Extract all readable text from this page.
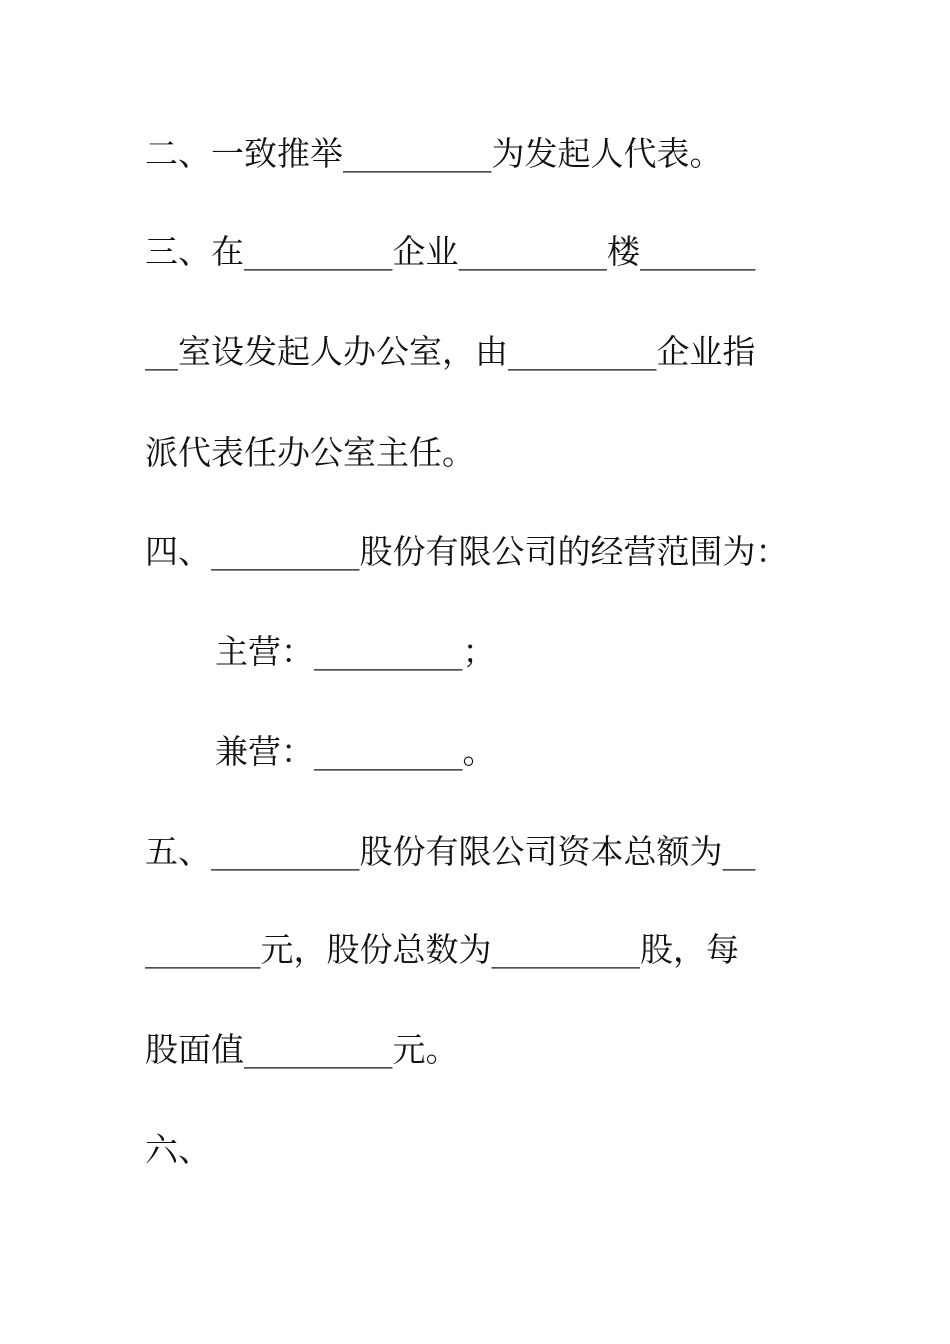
二、一致推举_________为发起人代表。
三、在_________企业_________楼_______
__室设发起人办公室，由_________企业指
派代表任办公室主任。
四、_________股份有限公司的经营范围为：
主营：_________；
兼营：_________。
五、_________股份有限公司资本总额为__
_______元，股份总数为_________股，每
股面值_________元。
六、
